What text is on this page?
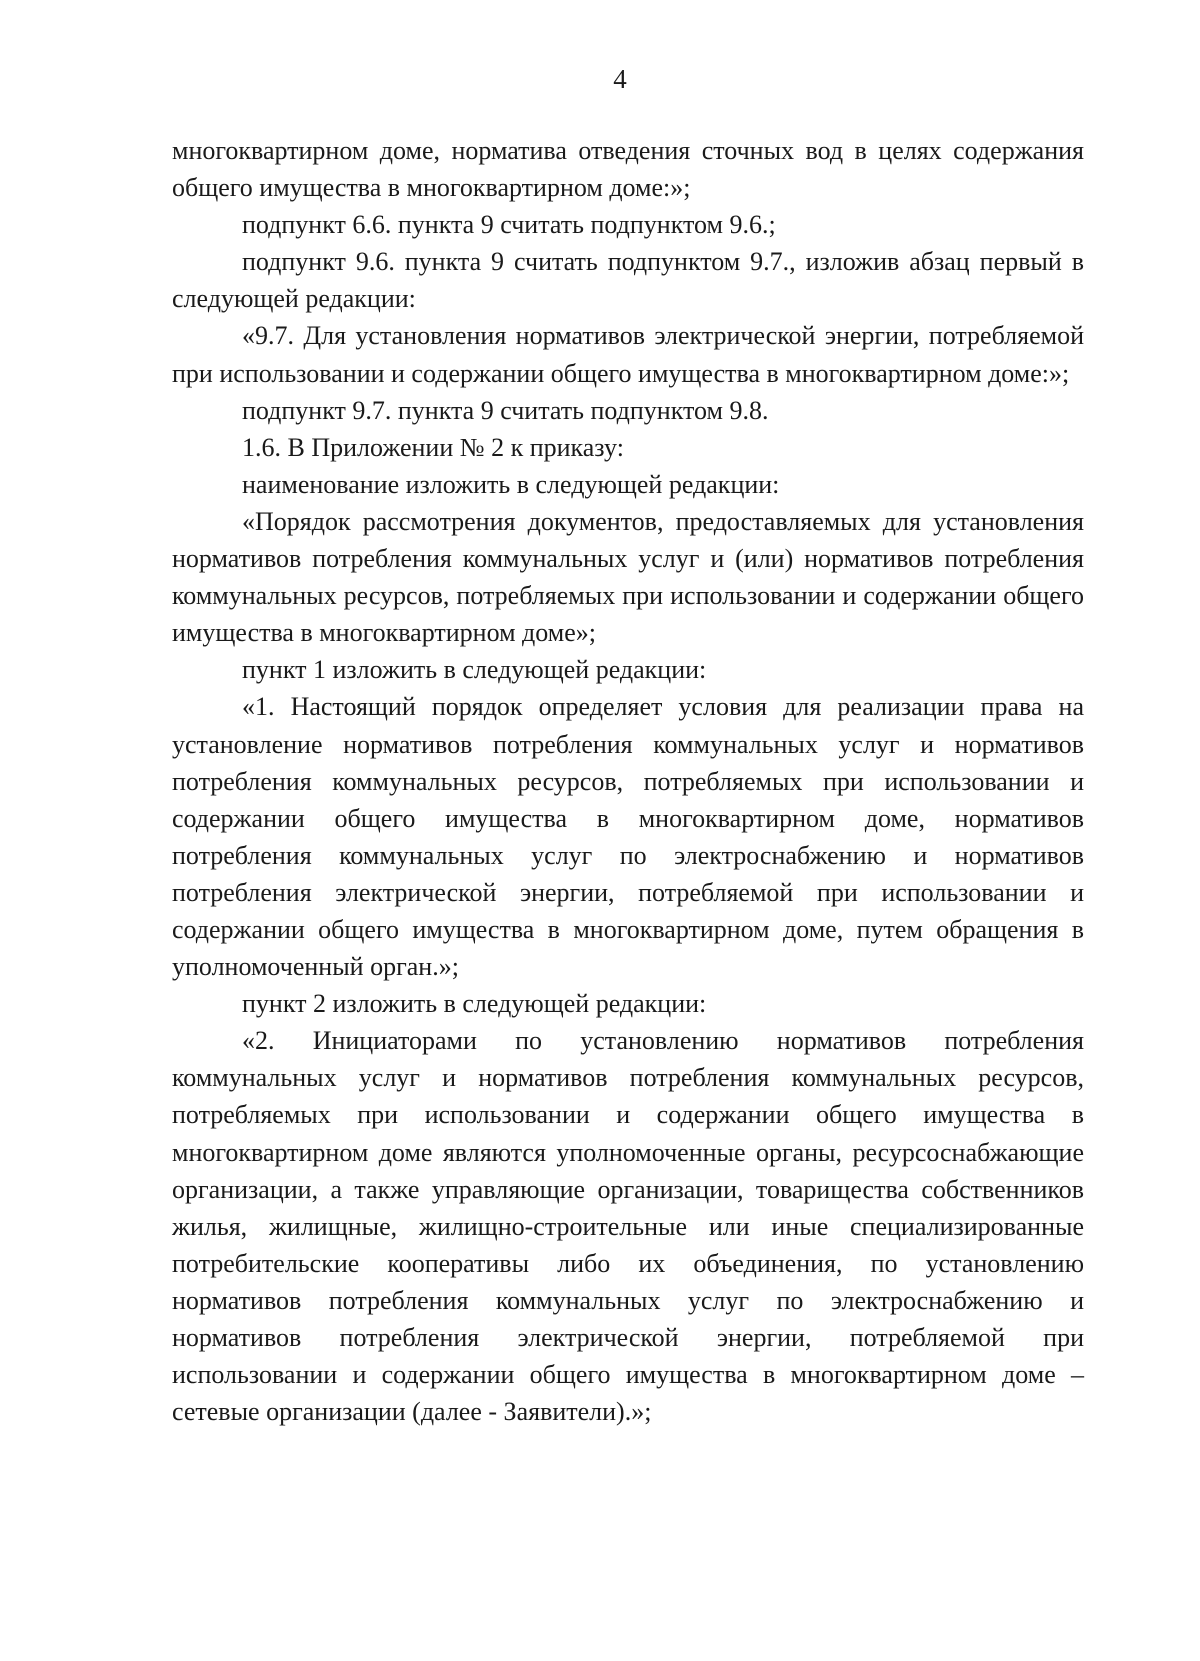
4

многоквартирном доме, норматива отведения сточных вод в целях содержания общего имущества в многоквартирном доме:»;

подпункт 6.6. пункта 9 считать подпунктом 9.6.;

подпункт 9.6. пункта 9 считать подпунктом 9.7., изложив абзац первый в следующей редакции:

«9.7. Для установления нормативов электрической энергии, потребляемой при использовании и содержании общего имущества в многоквартирном доме:»;

подпункт 9.7. пункта 9 считать подпунктом 9.8.

1.6. В Приложении № 2 к приказу:

наименование изложить в следующей редакции:

«Порядок рассмотрения документов, предоставляемых для установления нормативов потребления коммунальных услуг и (или) нормативов потребления коммунальных ресурсов, потребляемых при использовании и содержании общего имущества в многоквартирном доме»;

пункт 1 изложить в следующей редакции:

«1. Настоящий порядок определяет условия для реализации права на установление нормативов потребления коммунальных услуг и нормативов потребления коммунальных ресурсов, потребляемых при использовании и содержании общего имущества в многоквартирном доме, нормативов потребления коммунальных услуг по электроснабжению и нормативов потребления электрической энергии, потребляемой при использовании и содержании общего имущества в многоквартирном доме, путем обращения в уполномоченный орган.»;

пункт 2 изложить в следующей редакции:

«2. Инициаторами по установлению нормативов потребления коммунальных услуг и нормативов потребления коммунальных ресурсов, потребляемых при использовании и содержании общего имущества в многоквартирном доме являются уполномоченные органы, ресурсоснабжающие организации, а также управляющие организации, товарищества собственников жилья, жилищные, жилищно-строительные или иные специализированные потребительские кооперативы либо их объединения, по установлению нормативов потребления коммунальных услуг по электроснабжению и нормативов потребления электрической энергии, потребляемой при использовании и содержании общего имущества в многоквартирном доме – сетевые организации (далее - Заявители).»;
